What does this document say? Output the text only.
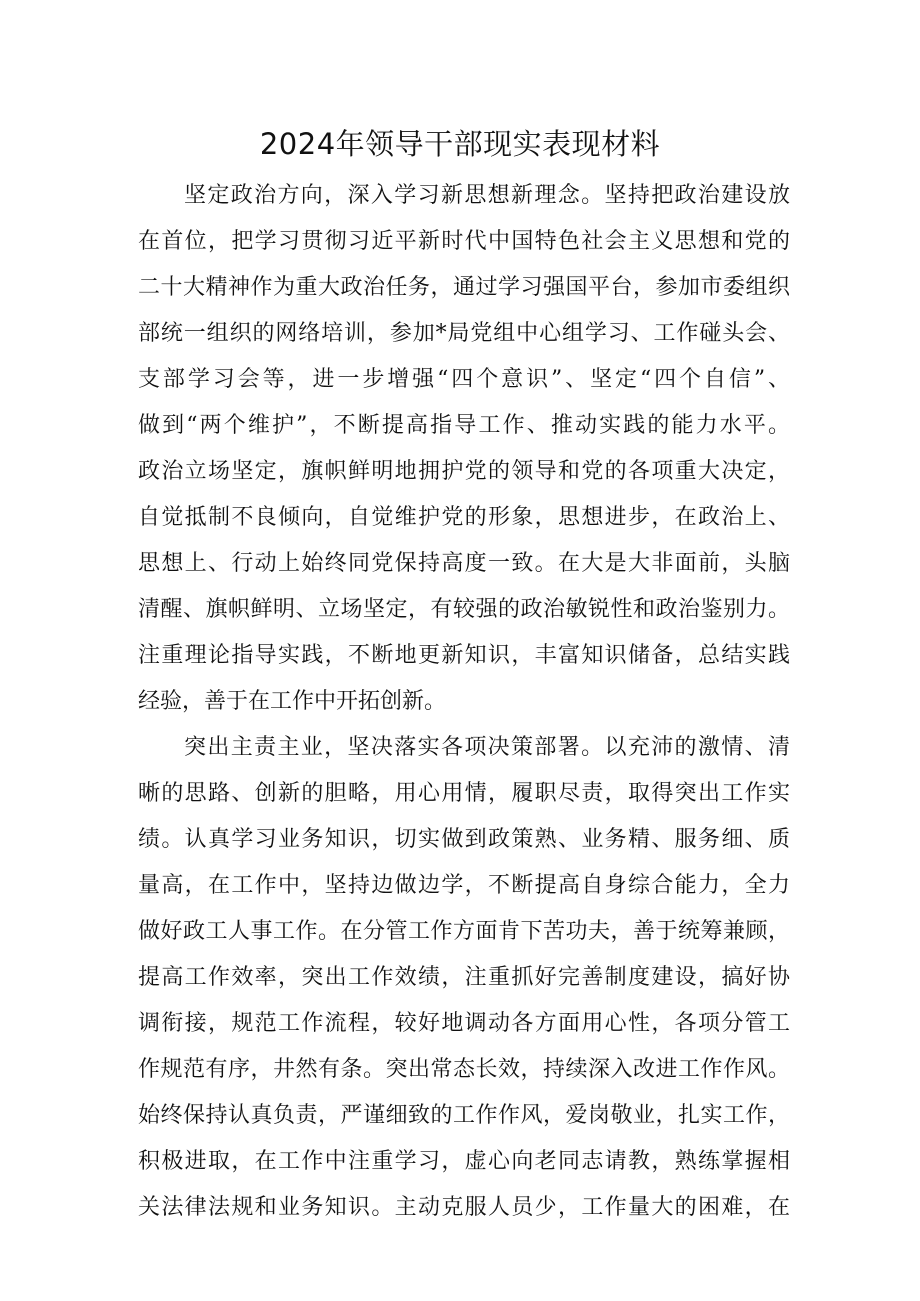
2024年领导干部现实表现材料
坚定政治方向，深入学习新思想新理念。坚持把政治建设放
在首位，把学习贯彻习近平新时代中国特色社会主义思想和党的
二十大精神作为重大政治任务，通过学习强国平台，参加市委组织
部统一组织的网络培训，参加*局党组中心组学习、工作碰头会、
支部学习会等，进一步增强“四个意识”、坚定“四个自信”、
做到“两个维护”，不断提高指导工作、推动实践的能力水平。
政治立场坚定，旗帜鲜明地拥护党的领导和党的各项重大决定，
自觉抵制不良倾向，自觉维护党的形象，思想进步，在政治上、
思想上、行动上始终同党保持高度一致。在大是大非面前，头脑
清醒、旗帜鲜明、立场坚定，有较强的政治敏锐性和政治鉴别力。
注重理论指导实践，不断地更新知识，丰富知识储备，总结实践
经验，善于在工作中开拓创新。
突出主责主业，坚决落实各项决策部署。以充沛的激情、清
晰的思路、创新的胆略，用心用情，履职尽责，取得突出工作实
绩。认真学习业务知识，切实做到政策熟、业务精、服务细、质
量高，在工作中，坚持边做边学，不断提高自身综合能力，全力
做好政工人事工作。在分管工作方面肯下苦功夫，善于统筹兼顾，
提高工作效率，突出工作效绩，注重抓好完善制度建设，搞好协
调衔接，规范工作流程，较好地调动各方面用心性，各项分管工
作规范有序，井然有条。突出常态长效，持续深入改进工作作风。
始终保持认真负责，严谨细致的工作作风，爱岗敬业，扎实工作，
积极进取，在工作中注重学习，虚心向老同志请教，熟练掌握相
关法律法规和业务知识。主动克服人员少，工作量大的困难，在
